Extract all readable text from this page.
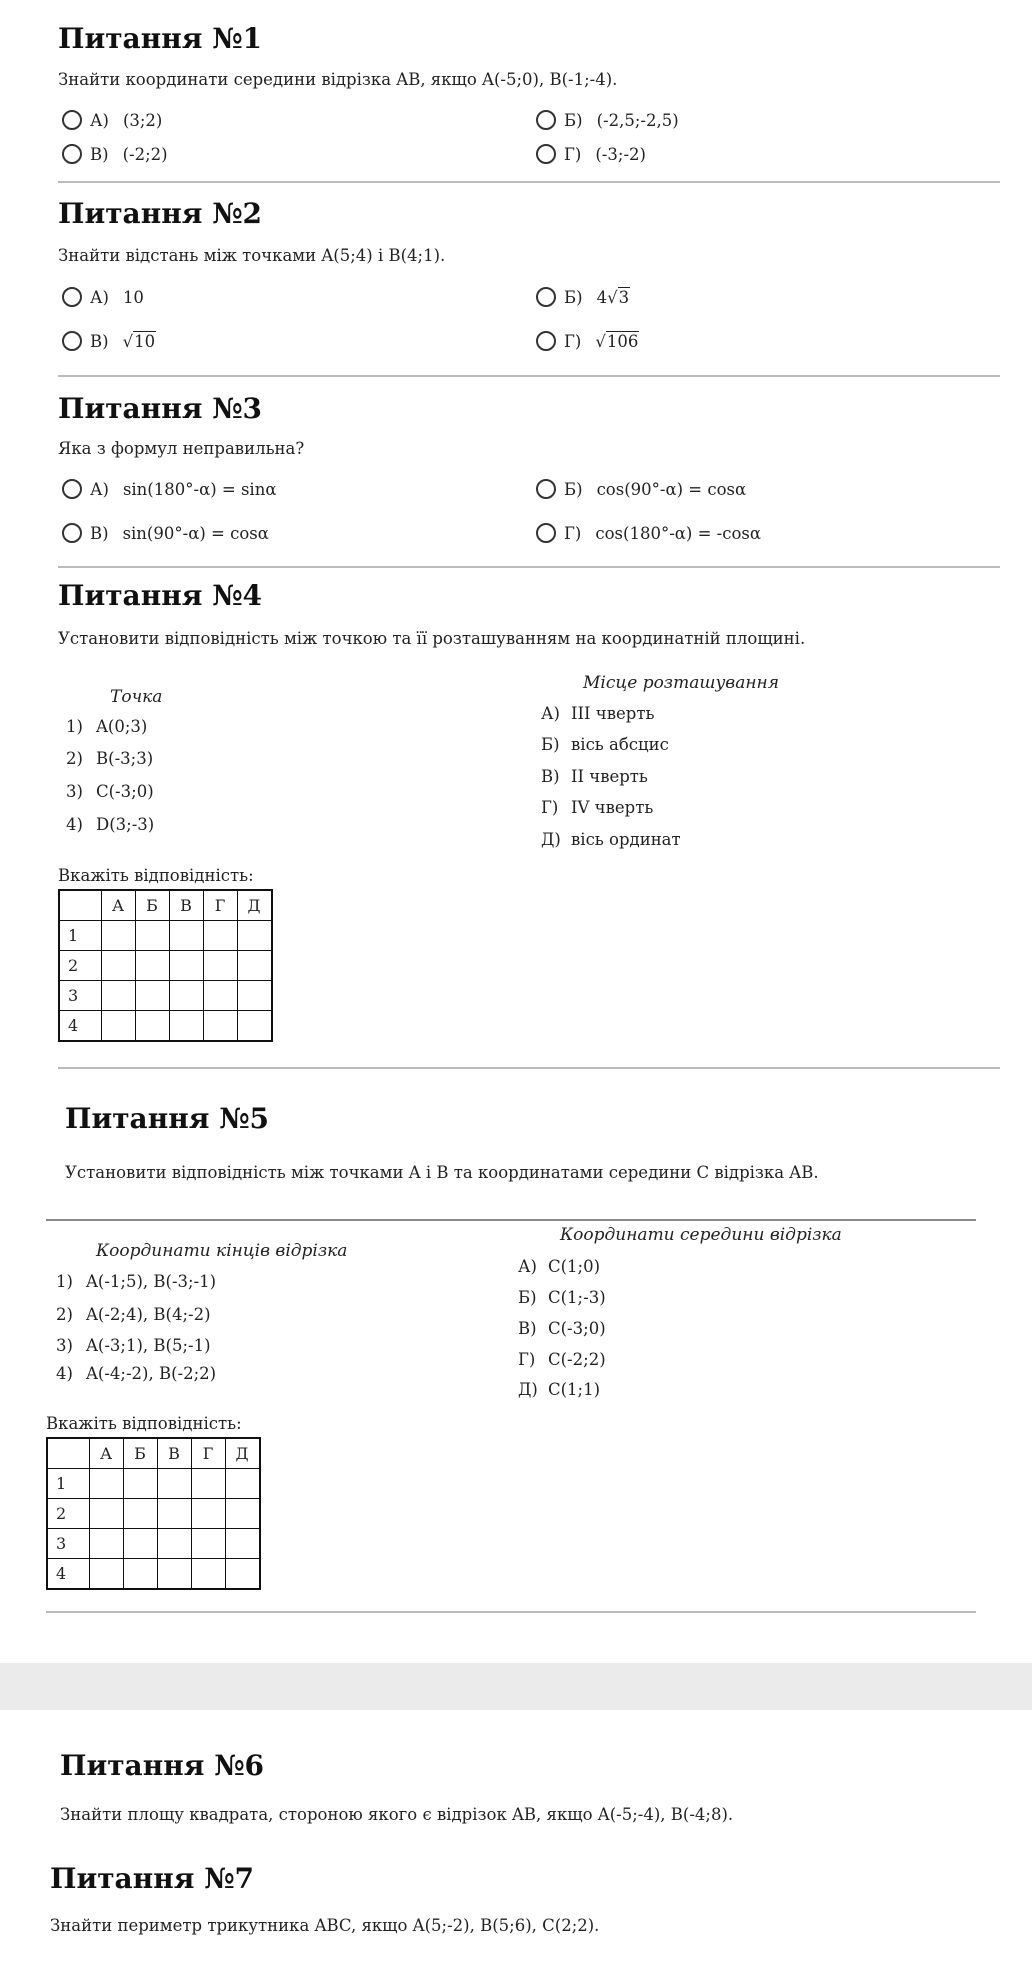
Питання №1
Знайти координати середини відрізка AB, якщо A(-5;0), B(-1;-4).
А) (3;2)	Б) (-2,5;-2,5)
В) (-2;2)	Г) (-3;-2)
Питання №2
Знайти відстань між точками A(5;4) і B(4;1).
А) 10	Б) 4 √ 3
В) √ 10	Г) √ 106
Питання №3
Яка з формул неправильна?
А) sin(180°-α) = sinα	Б) cos(90°-α) = cosα
В) sin(90°-α) = cosα	Г) cos(180°-α) = -cosα
Питання №4
Установити відповідність між точкою та її розташуванням на координатній площині.
Точка
Місце розташування
1) A(0;3)
2) B(-3;3)
3) C(-3;0)
4) D(3;-3)
А) III чверть
Б) вісь абсцис
В) II чверть
Г) IV чверть
Д) вісь ординат
Вкажіть відповідність:
	А	Б	В	Г	Д
1					
2					
3					
4					
Питання №5
Установити відповідність між точками A і B та координатами середини C відрізка AB.
Координати кінців відрізка
Координати середини відрізка
1) A(-1;5), B(-3;-1)
2) A(-2;4), B(4;-2)
3) A(-3;1), B(5;-1)
4) A(-4;-2), B(-2;2)
А) C(1;0)
Б) C(1;-3)
В) C(-3;0)
Г) C(-2;2)
Д) C(1;1)
Вкажіть відповідність:
	А	Б	В	Г	Д
1					
2					
3					
4					
Питання №6
Знайти площу квадрата, стороною якого є відрізок AB, якщо A(-5;-4), B(-4;8).
Питання №7
Знайти периметр трикутника ABC, якщо A(5;-2), B(5;6), C(2;2).
